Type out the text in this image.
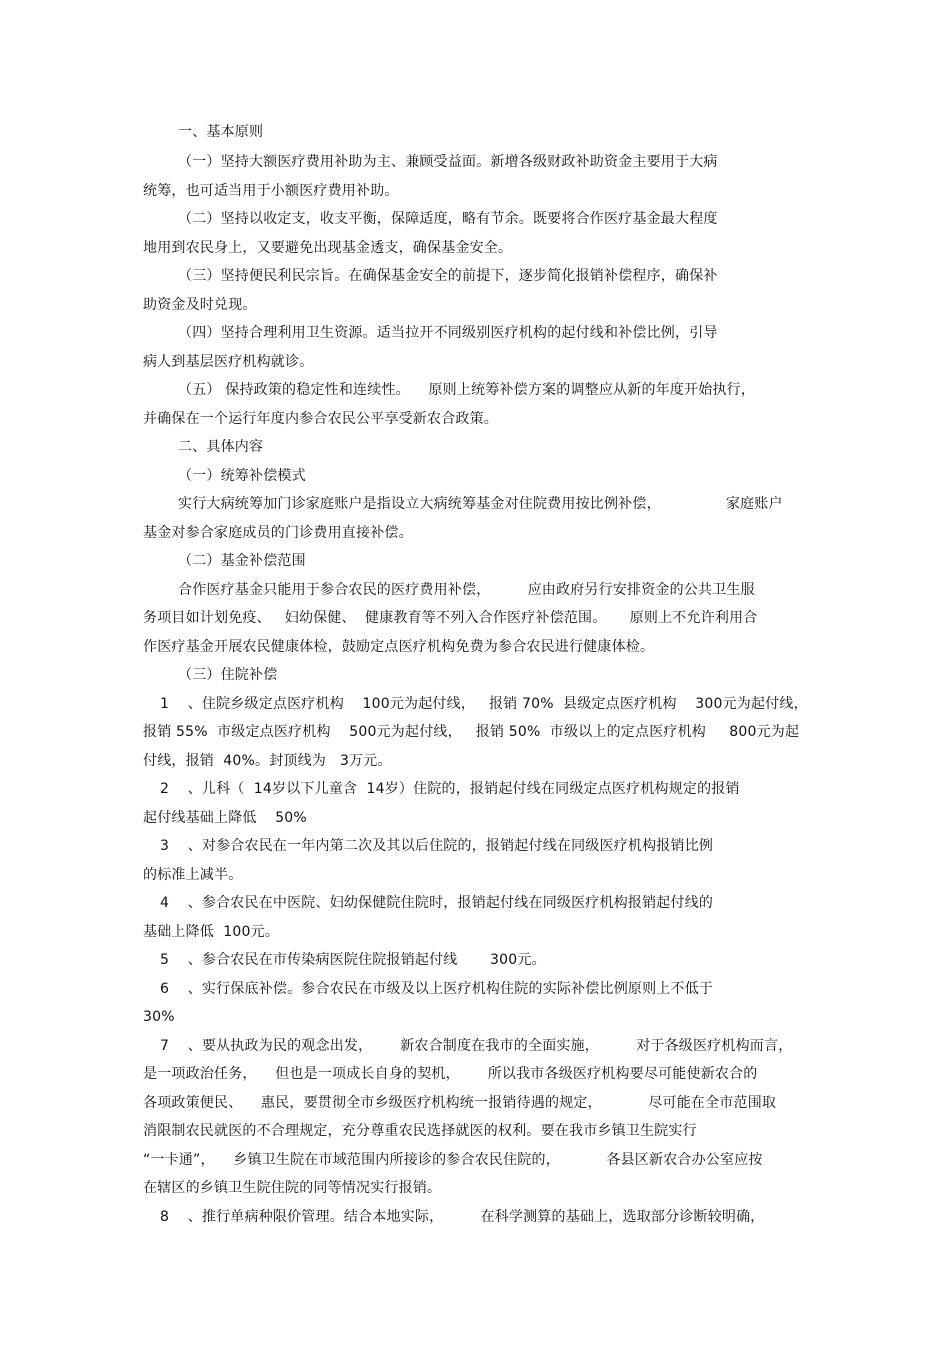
一、基本原则
（一）坚持大额医疗费用补助为主、兼顾受益面。新增各级财政补助资金主要用于大病
统筹，也可适当用于小额医疗费用补助。
（二）坚持以收定支，收支平衡，保障适度，略有节余。既要将合作医疗基金最大程度
地用到农民身上，又要避免出现基金透支，确保基金安全。
（三）坚持便民利民宗旨。在确保基金安全的前提下，逐步简化报销补偿程序，确保补
助资金及时兑现。
（四）坚持合理利用卫生资源。适当拉开不同级别医疗机构的起付线和补偿比例，引导
病人到基层医疗机构就诊。
（五） 保持政策的稳定性和连续性。    原则上统筹补偿方案的调整应从新的年度开始执行，
并确保在一个运行年度内参合农民公平享受新农合政策。
二、具体内容
（一）统筹补偿模式
实行大病统筹加门诊家庭账户是指设立大病统筹基金对住院费用按比例补偿，              家庭账户
基金对参合家庭成员的门诊费用直接补偿。
（二）基金补偿范围
合作医疗基金只能用于参合农民的医疗费用补偿，        应由政府另行安排资金的公共卫生服
务项目如计划免疫、   妇幼保健、  健康教育等不列入合作医疗补偿范围。     原则上不允许利用合
作医疗基金开展农民健康体检，鼓励定点医疗机构免费为参合农民进行健康体检。
（三）住院补偿
1    、住院乡级定点医疗机构    100元为起付线，   报销 70%  县级定点医疗机构    300元为起付线，
报销 55%  市级定点医疗机构    500元为起付线，   报销 50%  市级以上的定点医疗机构     800元为起
付线，报销  40%。封顶线为   3万元。
2    、儿科（  14岁以下儿童含  14岁）住院的，报销起付线在同级定点医疗机构规定的报销
起付线基础上降低    50%
3    、对参合农民在一年内第二次及其以后住院的，报销起付线在同级医疗机构报销比例
的标准上减半。
4    、参合农民在中医院、妇幼保健院住院时，报销起付线在同级医疗机构报销起付线的
基础上降低  100元。
5    、参合农民在市传染病医院住院报销起付线       300元。
6    、实行保底补偿。参合农民在市级及以上医疗机构住院的实际补偿比例原则上不低于
30%
7    、要从执政为民的观念出发，      新农合制度在我市的全面实施，        对于各级医疗机构而言，
是一项政治任务，    但也是一项成长自身的契机，      所以我市各级医疗机构要尽可能使新农合的
各项政策便民、    惠民，要贯彻全市乡级医疗机构统一报销待遇的规定，          尽可能在全市范围取
消限制农民就医的不合理规定，充分尊重农民选择就医的权利。要在我市乡镇卫生院实行
“一卡通”，    乡镇卫生院在市域范围内所接诊的参合农民住院的，          各县区新农合办公室应按
在辖区的乡镇卫生院住院的同等情况实行报销。
8    、推行单病种限价管理。结合本地实际，        在科学测算的基础上，选取部分诊断较明确，
